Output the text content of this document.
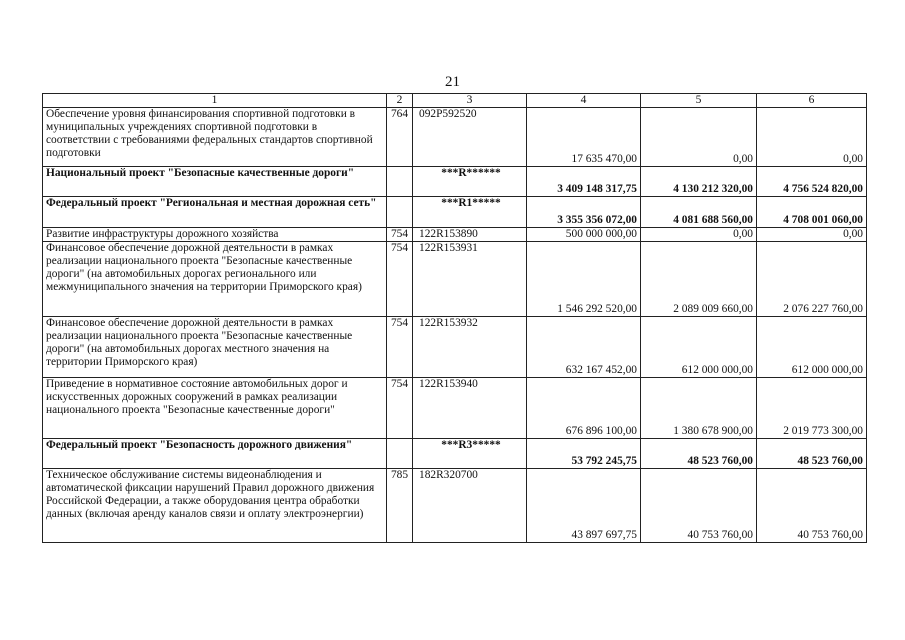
21
1	2	3	4	5	6
Обеспечение уровня финансирования спортивной подготовки в муниципальных учреждениях спортивной подготовки в соответствии с требованиями федеральных стандартов спортивной подготовки	764	092P592520	17 635 470,00	0,00	0,00
Национальный проект "Безопасные качественные дороги"		***R******	3 409 148 317,75	4 130 212 320,00	4 756 524 820,00
Федеральный проект "Региональная и местная дорожная сеть"		***R1*****	3 355 356 072,00	4 081 688 560,00	4 708 001 060,00
Развитие инфраструктуры дорожного хозяйства	754	122R153890	500 000 000,00	0,00	0,00
Финансовое обеспечение дорожной деятельности в рамках реализации национального проекта "Безопасные качественные дороги" (на автомобильных дорогах регионального или межмуниципального значения на территории Приморского края)	754	122R153931	1 546 292 520,00	2 089 009 660,00	2 076 227 760,00
Финансовое обеспечение дорожной деятельности в рамках реализации национального проекта "Безопасные качественные дороги" (на автомобильных дорогах местного значения на территории Приморского края)	754	122R153932	632 167 452,00	612 000 000,00	612 000 000,00
Приведение в нормативное состояние автомобильных дорог и искусственных дорожных сооружений в рамках реализации национального проекта "Безопасные качественные дороги"	754	122R153940	676 896 100,00	1 380 678 900,00	2 019 773 300,00
Федеральный проект "Безопасность дорожного движения"		***R3*****	53 792 245,75	48 523 760,00	48 523 760,00
Техническое обслуживание системы видеонаблюдения и автоматической фиксации нарушений Правил дорожного движения Российской Федерации, а также оборудования центра обработки данных (включая аренду каналов связи и оплату электроэнергии)	785	182R320700	43 897 697,75	40 753 760,00	40 753 760,00
